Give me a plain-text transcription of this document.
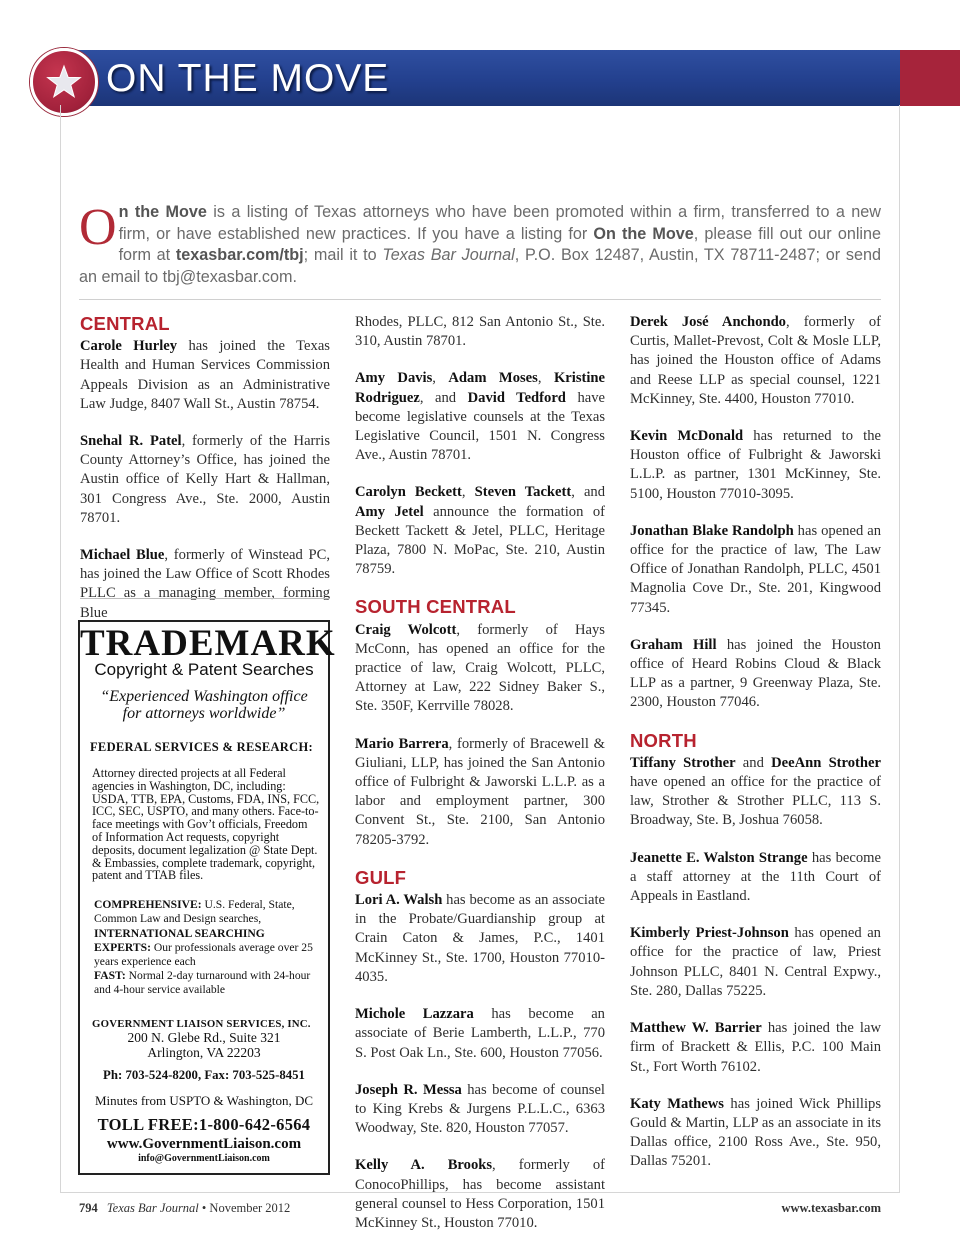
ON THE MOVE
On the Move is a listing of Texas attorneys who have been promoted within a firm, transferred to a new firm, or have established new practices. If you have a listing for On the Move, please fill out our online form at texasbar.com/tbj; mail it to Texas Bar Journal, P.O. Box 12487, Austin, TX 78711-2487; or send an email to tbj@texasbar.com.
CENTRAL

Carole Hurley has joined the Texas Health and Human Services Commission Appeals Division as an Administrative Law Judge, 8407 Wall St., Austin 78754.

Snehal R. Patel, formerly of the Harris County Attorney’s Office, has joined the Austin office of Kelly Hart & Hallman, 301 Congress Ave., Ste. 2000, Austin 78701.

Michael Blue, formerly of Winstead PC, has joined the Law Office of Scott Rhodes PLLC as a managing member, forming Blue

TRADEMARK
Copyright & Patent Searches
“Experienced Washington office
for attorneys worldwide”
FEDERAL SERVICES & RESEARCH:
Attorney directed projects at all Federal agencies in Washington, DC, including: USDA, TTB, EPA, Customs, FDA, INS, FCC, ICC, SEC, USPTO, and many others. Face-to-face meetings with Gov’t officials, Freedom of Information Act requests, copyright deposits, document legalization @ State Dept. & Embassies, complete trademark, copyright, patent and TTAB files.
COMPREHENSIVE: U.S. Federal, State, Common Law and Design searches,
INTERNATIONAL SEARCHING EXPERTS: Our professionals average over 25 years experience each
FAST: Normal 2-day turnaround with 24-hour and 4-hour service available
GOVERNMENT LIAISON SERVICES, INC.
200 N. Glebe Rd., Suite 321
Arlington, VA 22203
Ph: 703-524-8200, Fax: 703-525-8451
Minutes from USPTO & Washington, DC
TOLL FREE:1-800-642-6564
www.GovernmentLiaison.com
info@GovernmentLiaison.com

Rhodes, PLLC, 812 San Antonio St., Ste. 310, Austin 78701.

Amy Davis, Adam Moses, Kristine Rodriguez, and David Tedford have become legislative counsels at the Texas Legislative Council, 1501 N. Congress Ave., Austin 78701.

Carolyn Beckett, Steven Tackett, and Amy Jetel announce the formation of Beckett Tackett & Jetel, PLLC, Heritage Plaza, 7800 N. MoPac, Ste. 210, Austin 78759.

SOUTH CENTRAL

Craig Wolcott, formerly of Hays McConn, has opened an office for the practice of law, Craig Wolcott, PLLC, Attorney at Law, 222 Sidney Baker S., Ste. 350F, Kerrville 78028.

Mario Barrera, formerly of Bracewell & Giuliani, LLP, has joined the San Antonio office of Fulbright & Jaworski L.L.P. as a labor and employment partner, 300 Convent St., Ste. 2100, San Antonio 78205-3792.

GULF

Lori A. Walsh has become as an associate in the Probate/Guardianship group at Crain Caton & James, P.C., 1401 McKinney St., Ste. 1700, Houston 77010-4035.

Michole Lazzara has become an associate of Berie Lamberth, L.L.P., 770 S. Post Oak Ln., Ste. 600, Houston 77056.

Joseph R. Messa has become of counsel to King Krebs & Jurgens P.L.L.C., 6363 Woodway, Ste. 820, Houston 77057.

Kelly A. Brooks, formerly of ConocoPhillips, has become assistant general counsel to Hess Corporation, 1501 McKinney St., Houston 77010.

Derek José Anchondo, formerly of Curtis, Mallet-Prevost, Colt & Mosle LLP, has joined the Houston office of Adams and Reese LLP as special counsel, 1221 McKinney, Ste. 4400, Houston 77010.

Kevin McDonald has returned to the Houston office of Fulbright & Jaworski L.L.P. as partner, 1301 McKinney, Ste. 5100, Houston 77010-3095.

Jonathan Blake Randolph has opened an office for the practice of law, The Law Office of Jonathan Randolph, PLLC, 4501 Magnolia Cove Dr., Ste. 201, Kingwood 77345.

Graham Hill has joined the Houston office of Heard Robins Cloud & Black LLP as a partner, 9 Greenway Plaza, Ste. 2300, Houston 77046.

NORTH

Tiffany Strother and DeeAnn Strother have opened an office for the practice of law, Strother & Strother PLLC, 113 S. Broadway, Ste. B, Joshua 76058.

Jeanette E. Walston Strange has become a staff attorney at the 11th Court of Appeals in Eastland.

Kimberly Priest-Johnson has opened an office for the practice of law, Priest Johnson PLLC, 8401 N. Central Expwy., Ste. 280, Dallas 75225.

Matthew W. Barrier has joined the law firm of Brackett & Ellis, P.C. 100 Main St., Fort Worth 76102.

Katy Mathews has joined Wick Phillips Gould & Martin, LLP as an associate in its Dallas office, 2100 Ross Ave., Ste. 950, Dallas 75201.

794 Texas Bar Journal • November 2012	www.texasbar.com
